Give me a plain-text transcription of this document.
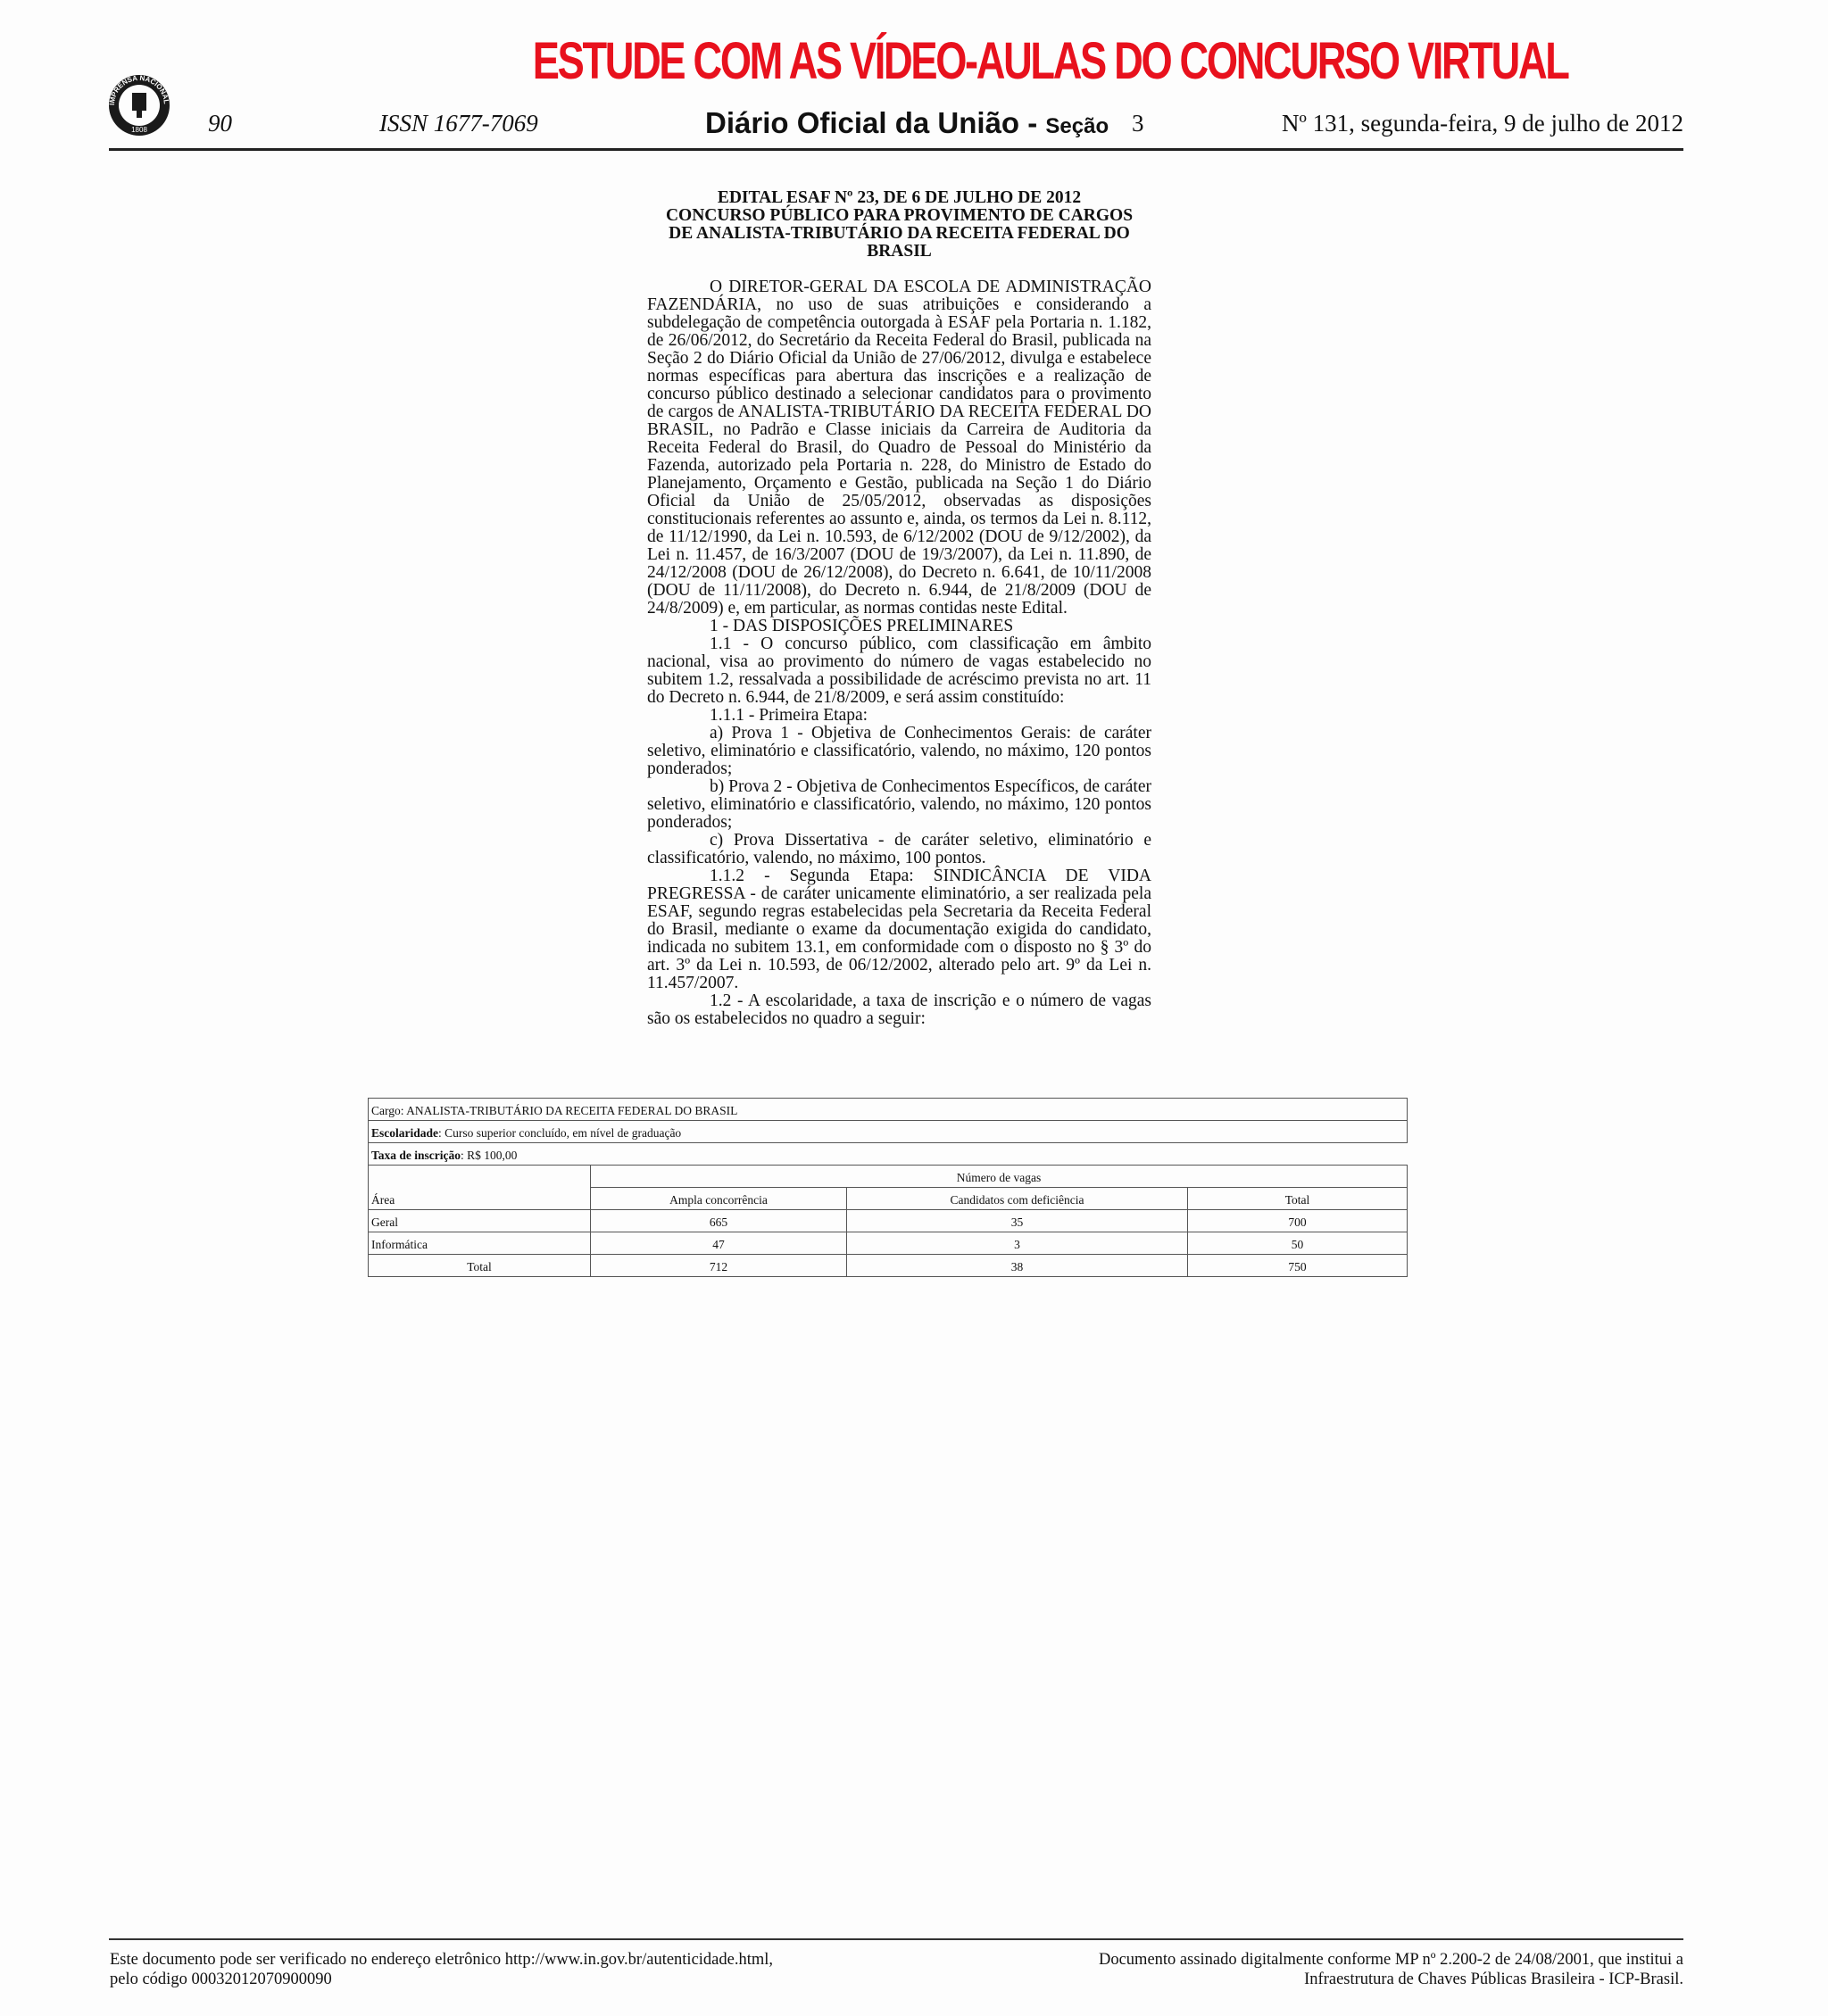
ESTUDE COM AS VÍDEO-AULAS DO CONCURSO VIRTUAL
IMPRENSA NACIONAL
1808	90	ISSN 1677-7069	Diário Oficial da União - Seção 3	Nº 131, segunda-feira, 9 de julho de 2012
EDITAL ESAF Nº 23, DE 6 DE JULHO DE 2012
CONCURSO PÚBLICO PARA PROVIMENTO DE CARGOS
DE ANALISTA-TRIBUTÁRIO DA RECEITA FEDERAL DO
BRASIL

O DIRETOR-GERAL DA ESCOLA DE ADMINISTRAÇÃO FAZENDÁRIA, no uso de suas atribuições e considerando a subdelegação de competência outorgada à ESAF pela Portaria n. 1.182, de 26/06/2012, do Secretário da Receita Federal do Brasil, publicada na Seção 2 do Diário Oficial da União de 27/06/2012, divulga e estabelece normas específicas para abertura das inscrições e a realização de concurso público destinado a selecionar candidatos para o provimento de cargos de ANALISTA-TRIBUTÁRIO DA RECEITA FEDERAL DO BRASIL, no Padrão e Classe iniciais da Carreira de Auditoria da Receita Federal do Brasil, do Quadro de Pessoal do Ministério da Fazenda, autorizado pela Portaria n. 228, do Ministro de Estado do Planejamento, Orçamento e Gestão, publicada na Seção 1 do Diário Oficial da União de 25/05/2012, observadas as disposições constitucionais referentes ao assunto e, ainda, os termos da Lei n. 8.112, de 11/12/1990, da Lei n. 10.593, de 6/12/2002 (DOU de 9/12/2002), da Lei n. 11.457, de 16/3/2007 (DOU de 19/3/2007), da Lei n. 11.890, de 24/12/2008 (DOU de 26/12/2008), do Decreto n. 6.641, de 10/11/2008 (DOU de 11/11/2008), do Decreto n. 6.944, de 21/8/2009 (DOU de 24/8/2009) e, em particular, as normas contidas neste Edital.

1 - DAS DISPOSIÇÕES PRELIMINARES

1.1 - O concurso público, com classificação em âmbito nacional, visa ao provimento do número de vagas estabelecido no subitem 1.2, ressalvada a possibilidade de acréscimo prevista no art. 11 do Decreto n. 6.944, de 21/8/2009, e será assim constituído:

1.1.1 - Primeira Etapa:

a) Prova 1 - Objetiva de Conhecimentos Gerais: de caráter seletivo, eliminatório e classificatório, valendo, no máximo, 120 pontos ponderados;

b) Prova 2 - Objetiva de Conhecimentos Específicos, de caráter seletivo, eliminatório e classificatório, valendo, no máximo, 120 pontos ponderados;

c) Prova Dissertativa - de caráter seletivo, eliminatório e classificatório, valendo, no máximo, 100 pontos.

1.1.2 - Segunda Etapa: SINDICÂNCIA DE VIDA PREGRESSA - de caráter unicamente eliminatório, a ser realizada pela ESAF, segundo regras estabelecidas pela Secretaria da Receita Federal do Brasil, mediante o exame da documentação exigida do candidato, indicada no subitem 13.1, em conformidade com o disposto no § 3º do art. 3º da Lei n. 10.593, de 06/12/2002, alterado pelo art. 9º da Lei n. 11.457/2007.

1.2 - A escolaridade, a taxa de inscrição e o número de vagas são os estabelecidos no quadro a seguir:

Cargo: ANALISTA-TRIBUTÁRIO DA RECEITA FEDERAL DO BRASIL			
Escolaridade: Curso superior concluído, em nível de graduação			
Taxa de inscrição: R$ 100,00			
	Número de vagas		
Área	Ampla concorrência	Candidatos com deficiência	Total
Geral	665	35	700
Informática	47	3	50
Total	712	38	750
Este documento pode ser verificado no endereço eletrônico http://www.in.gov.br/autenticidade.html,
pelo código 00032012070900090
Documento assinado digitalmente conforme MP nº 2.200-2 de 24/08/2001, que institui a
Infraestrutura de Chaves Públicas Brasileira - ICP-Brasil.
